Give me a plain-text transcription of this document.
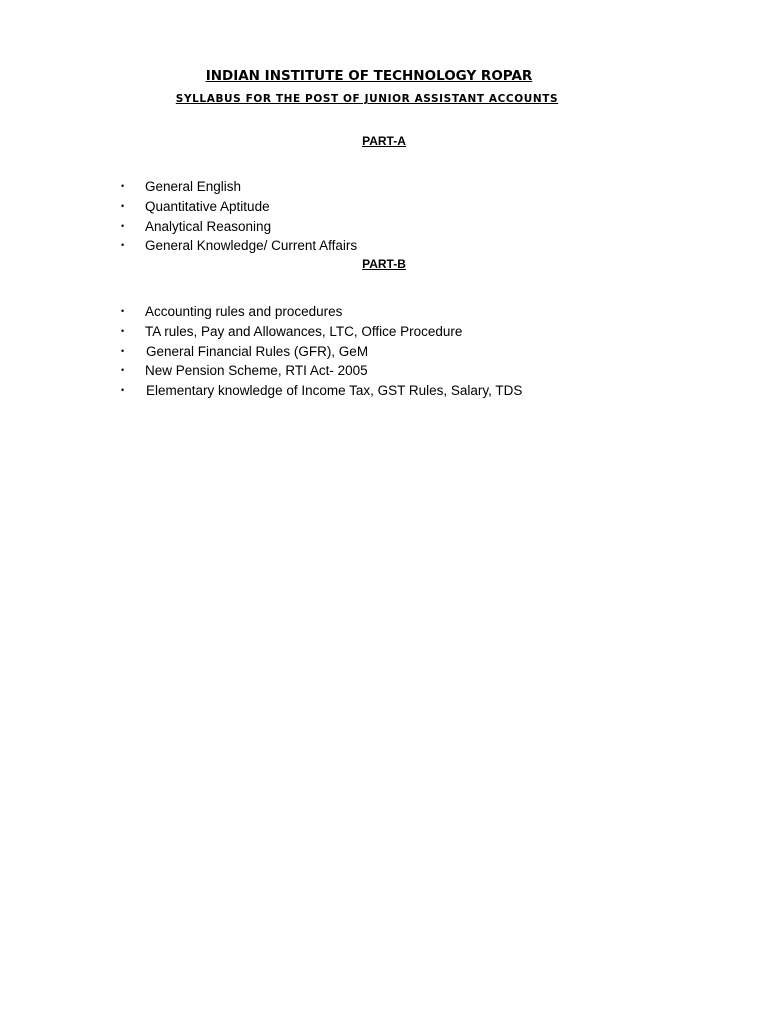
INDIAN INSTITUTE OF TECHNOLOGY ROPAR
SYLLABUS FOR THE POST OF JUNIOR ASSISTANT ACCOUNTS
PART-A
• General English
• Quantitative Aptitude
• Analytical Reasoning
• General Knowledge/ Current Affairs
PART-B
• Accounting rules and procedures
• TA rules, Pay and Allowances, LTC, Office Procedure
• General Financial Rules (GFR), GeM
• New Pension Scheme, RTI Act- 2005
• Elementary knowledge of Income Tax, GST Rules, Salary, TDS
